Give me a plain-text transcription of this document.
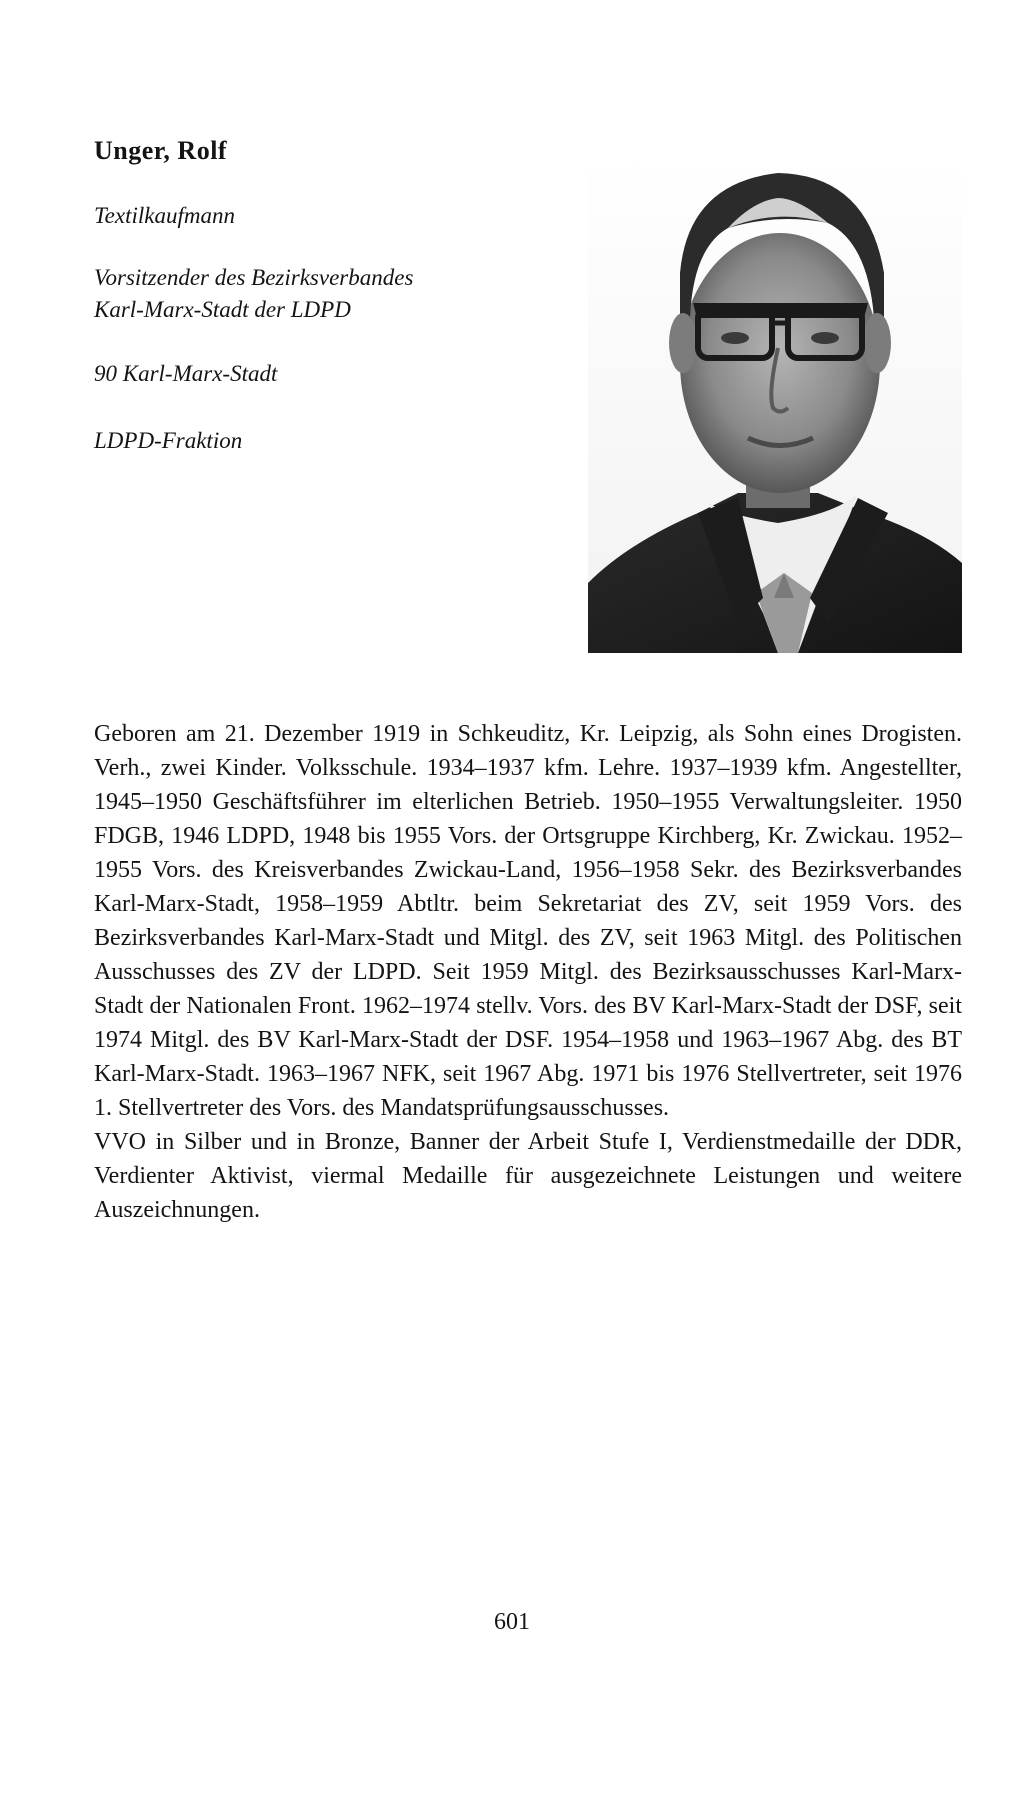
Unger, Rolf
Textilkaufmann
Vorsitzender des Bezirksverbandes
Karl-Marx-Stadt der LDPD
90 Karl-Marx-Stadt
LDPD-Fraktion

Geboren am 21. Dezember 1919 in Schkeuditz, Kr. Leipzig, als Sohn eines Drogisten. Verh., zwei Kinder. Volksschule. 1934–1937 kfm. Lehre. 1937–1939 kfm. Angestellter, 1945–1950 Geschäftsführer im elterlichen Betrieb. 1950–1955 Verwaltungsleiter. 1950 FDGB, 1946 LDPD, 1948 bis 1955 Vors. der Ortsgruppe Kirchberg, Kr. Zwickau. 1952–1955 Vors. des Kreisverbandes Zwickau-Land, 1956–1958 Sekr. des Bezirksverbandes Karl-Marx-Stadt, 1958–1959 Abtltr. beim Sekretariat des ZV, seit 1959 Vors. des Bezirksverbandes Karl-Marx-Stadt und Mitgl. des ZV, seit 1963 Mitgl. des Politischen Ausschusses des ZV der LDPD. Seit 1959 Mitgl. des Bezirksausschusses Karl-Marx-Stadt der Nationalen Front. 1962–1974 stellv. Vors. des BV Karl-Marx-Stadt der DSF, seit 1974 Mitgl. des BV Karl-Marx-Stadt der DSF. 1954–1958 und 1963–1967 Abg. des BT Karl-Marx-Stadt. 1963–1967 NFK, seit 1967 Abg. 1971 bis 1976 Stellvertreter, seit 1976 1. Stellvertreter des Vors. des Mandatsprüfungsausschusses.

VVO in Silber und in Bronze, Banner der Arbeit Stufe I, Verdienstmedaille der DDR, Verdienter Aktivist, viermal Medaille für ausgezeichnete Leistungen und weitere Auszeichnungen.

601
